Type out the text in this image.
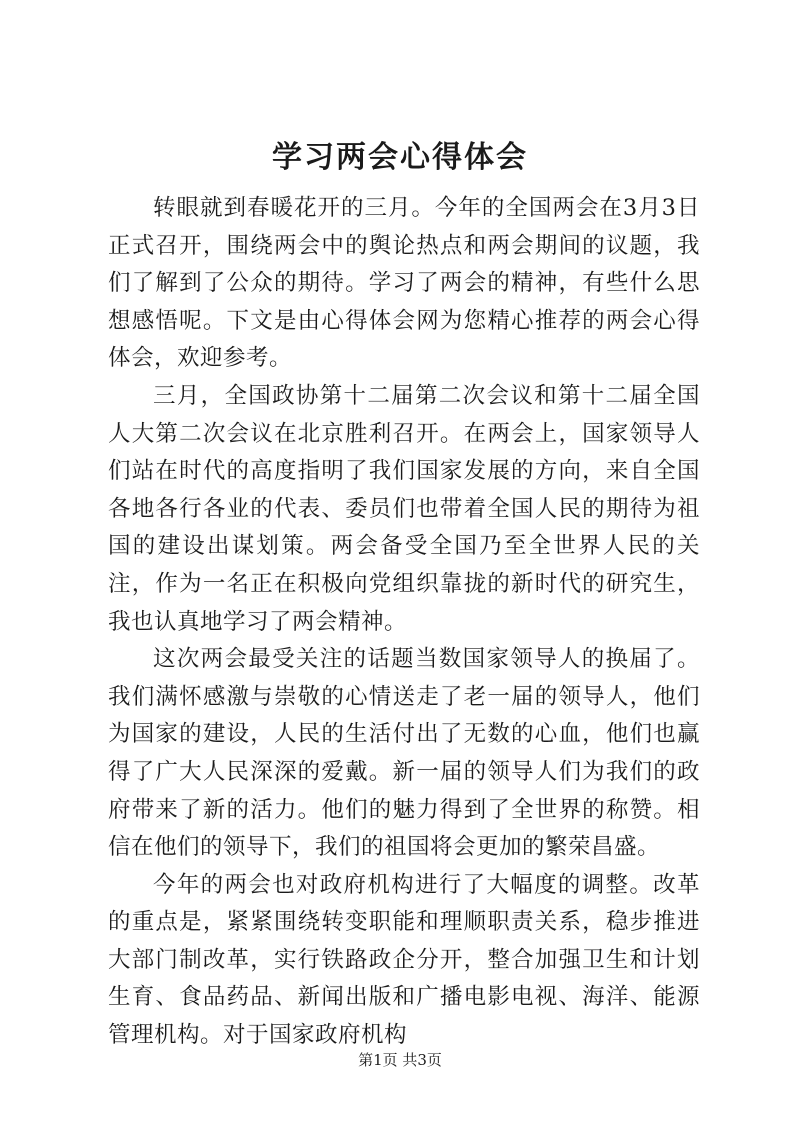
学习两会心得体会

转眼就到春暖花开的三月。今年的全国两会在3月3日正式召开，围绕两会中的舆论热点和两会期间的议题，我们了解到了公众的期待。学习了两会的精神，有些什么思想感悟呢。下文是由心得体会网为您精心推荐的两会心得体会，欢迎参考。

三月，全国政协第十二届第二次会议和第十二届全国人大第二次会议在北京胜利召开。在两会上，国家领导人们站在时代的高度指明了我们国家发展的方向，来自全国各地各行各业的代表、委员们也带着全国人民的期待为祖国的建设出谋划策。两会备受全国乃至全世界人民的关注，作为一名正在积极向党组织靠拢的新时代的研究生，我也认真地学习了两会精神。

这次两会最受关注的话题当数国家领导人的换届了。我们满怀感激与崇敬的心情送走了老一届的领导人，他们为国家的建设，人民的生活付出了无数的心血，他们也赢得了广大人民深深的爱戴。新一届的领导人们为我们的政府带来了新的活力。他们的魅力得到了全世界的称赞。相信在他们的领导下，我们的祖国将会更加的繁荣昌盛。

今年的两会也对政府机构进行了大幅度的调整。改革的重点是，紧紧围绕转变职能和理顺职责关系，稳步推进大部门制改革，实行铁路政企分开，整合加强卫生和计划生育、食品药品、新闻出版和广播电影电视、海洋、能源管理机构。对于国家政府机构

第1页 共3页
